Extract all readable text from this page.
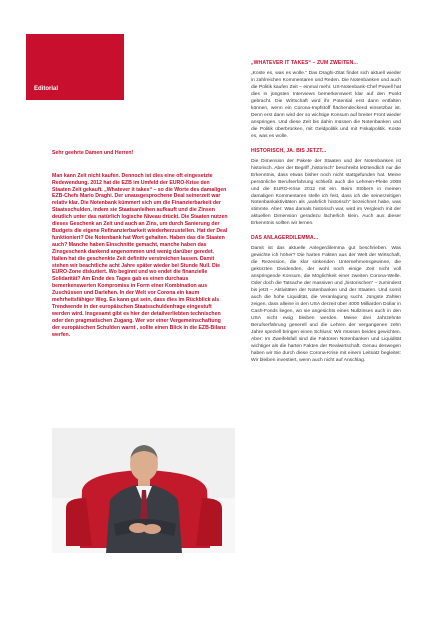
Editorial

Sehr geehrte Damen und Herren!

Man kann Zeit nicht kaufen. Dennoch ist dies eine oft eingesetzte Redewendung. 2012 hat die EZB im Umfeld der EURO-Krise den Staaten Zeit gekauft. „Whatever it takes“ – so die Worte des damaligen EZB-Chefs Mario Draghi. Der unausgesprochene Deal seinerzeit war relativ klar. Die Notenbank kümmert sich um die Finanzierbarkeit der Staatsschulden, indem sie Staatsanleihen aufkauft und die Zinsen deutlich unter das natürlich logische Niveau drückt. Die Staaten nutzen dieses Geschenk an Zeit und auch an Zins, um durch Sanierung der Budgets die eigene Refinanzierbarkeit wiederherzustellen. Hat der Deal funktioniert? Die Notenbank hat Wort gehalten. Haben das die Staaten auch? Manche haben Einschnitte gemacht, manche haben das Zinsgeschenk dankend angenommen und wenig darüber geredet. Italien hat die geschenkte Zeit definitiv verstreichen lassen. Damit stehen wir beachtliche acht Jahre später wieder bei Stunde Null. Die EURO-Zone diskutiert. Wo beginnt und wo endet die finanzielle Solidarität? Am Ende des Tages gab es einen durchaus bemerkenswerten Kompromiss in Form einer Kombination aus Zuschüssen und Darlehen. In der Welt vor Corona ein kaum mehrheitsfähiger Weg. Es kann gut sein, dass dies im Rückblick als Trendwende in der europäischen Staatsschuldenfrage eingestuft werden wird. Insgesamt gibt es hier der detailverliebten technischen oder den pragmatischen Zugang. Wer vor einer Vergemeinschaftung der europäischen Schulden warnt , sollte einen Blick in die EZB-Bilanz werfen.

„WHATEVER IT TAKES“ – ZUM ZWEITEN...

„Koste es, was es wolle.“ Das Draghi-Zitat findet sich aktuell wieder in zahlreichen Kommentaren und Reden. Die Notenbanken und auch die Politik kaufen Zeit – einmal mehr. US-Notenbank-Chef Powell hat dies in jüngsten Interviews bemerkenswert klar auf den Punkt gebracht. Die Wirtschaft wird ihr Potential erst dann entfalten können, wenn ein Corona-Impfstoff flächendeckend einsetzbar ist. Denn erst dann wird der so wichtige Konsum auf breiter Front wieder anspringen. Und diese Zeit bis dahin müssen die Notenbanken und die Politik überbrücken, mit Geldpolitik und mit Fiskalpolitik. Koste es, was es wolle.

HISTORISCH, JA. BIS JETZT...

Die Dimension der Pakete der Staaten und der Notenbanken ist historisch. Aber der Begriff „historisch“ beschreibt letztendlich nur die Erkenntnis, dass etwas bisher noch nicht stattgefunden hat. Meine persönliche Berufserfahrung schließt auch die Lehmen-Pleite 2008 und die EURO-Krise 2012 mit ein. Beim Stöbern in meinen damaligen Kommentaren stelle ich fest, dass ich die seinerzeitigen Notenbankaktivitäten als „wahrlich historisch“ bezeichnet habe, was stimmte. Aber: Was damals historisch war, wird im Vergleich mit der aktuellen Dimension geradezu lächerlich klein. Auch aus dieser Erkenntnis sollten wir lernen.

DAS ANLAGERDILEMMA...

Damit ist das aktuelle Anlegerdilemma gut beschrieben. Was gewichte ich höher? Die harten Fakten aus der Welt der Wirtschaft, die Rezession, die klar sinkenden Unternehmensgewinne, die gekürzten Dividenden, der wohl noch einige Zeit nicht voll anspringende Konsum, die Möglichkeit einer zweiten Corona-Welle. Oder doch die Tatsache der massiven und „historischen“ – zumindest bis jetzt – Aktivitäten der Notenbanken und der Staaten. Und somit auch die hohe Liquidität, die Veranlagung sucht. Jüngste Zahlen zeigen, dass alleine in den USA derzeit über 4000 Milliarden Dollar in Cash-Fonds liegen, wo sie angesichts eines Nullzinses auch in den USA nicht ewig bleiben werden. Meine drei Jahrzehnte Berufserfahrung generell und die Lehren der vergangenen zehn Jahre speziell bringen einen Schluss: Wir müssen beides gewichten. Aber: Im Zweifelsfall sind die Faktoren Notenbanken und Liquidität wichtiger als die harten Fakten der Realwirtschaft. Genau deswegen haben wir Sie durch diese Corona-Krise mit einem Leitsatz begleitet: Wir bleiben investiert, wenn auch nicht auf Anschlag.
